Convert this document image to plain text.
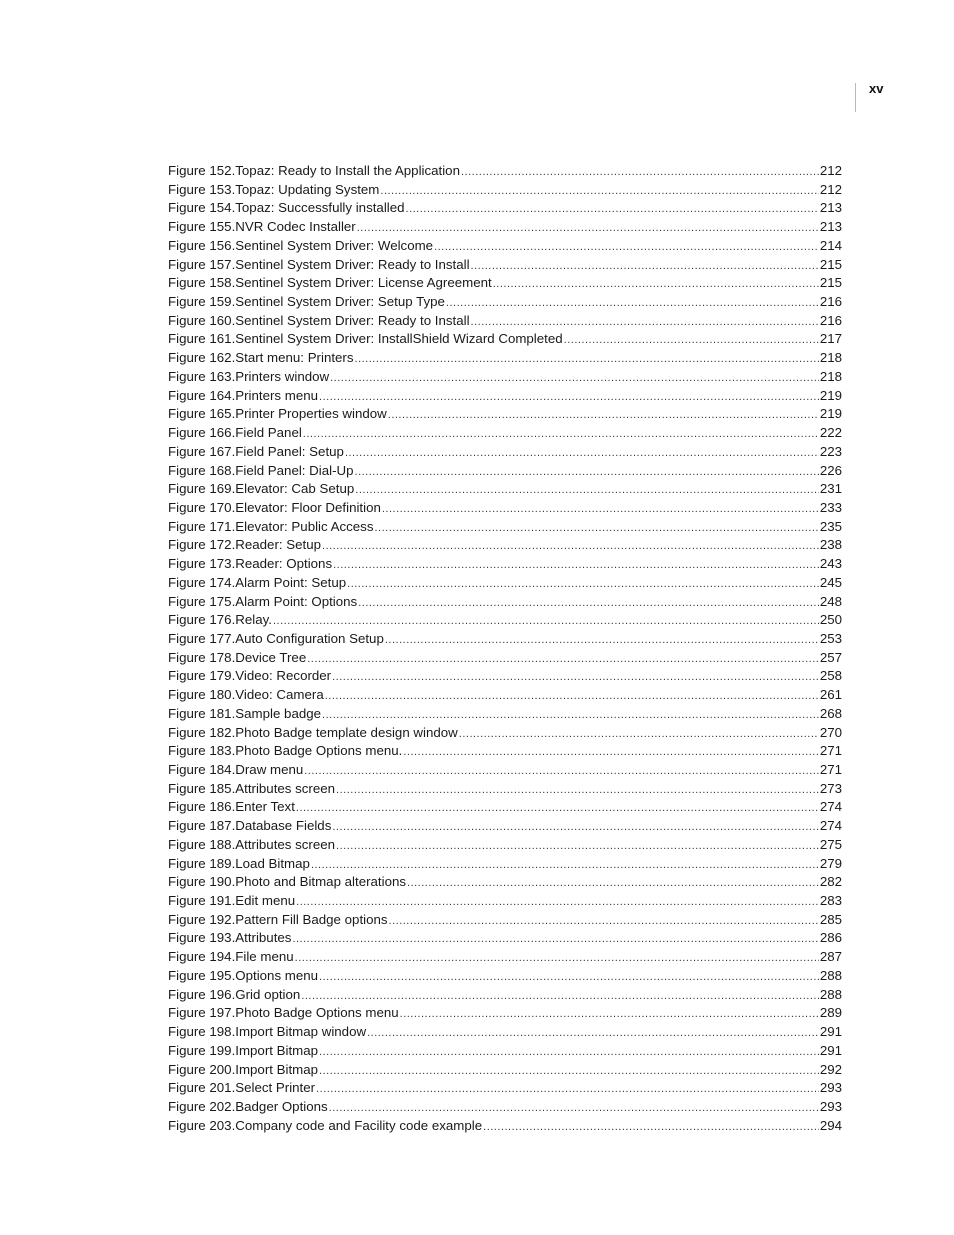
xv
Figure 152.Topaz: Ready to Install the Application .....	212
Figure 153.Topaz: Updating System .....	212
Figure 154.Topaz: Successfully installed .....	213
Figure 155.NVR Codec Installer .....	213
Figure 156.Sentinel System Driver: Welcome .....	214
Figure 157.Sentinel System Driver: Ready to Install .....	215
Figure 158.Sentinel System Driver: License Agreement .....	215
Figure 159.Sentinel System Driver: Setup Type .....	216
Figure 160.Sentinel System Driver: Ready to Install .....	216
Figure 161.Sentinel System Driver: InstallShield Wizard Completed .....	217
Figure 162.Start menu: Printers .....	218
Figure 163.Printers window .....	218
Figure 164.Printers menu .....	219
Figure 165.Printer Properties window .....	219
Figure 166.Field Panel .....	222
Figure 167.Field Panel: Setup .....	223
Figure 168.Field Panel: Dial-Up .....	226
Figure 169.Elevator: Cab Setup .....	231
Figure 170.Elevator: Floor Definition .....	233
Figure 171.Elevator: Public Access .....	235
Figure 172.Reader: Setup .....	238
Figure 173.Reader: Options .....	243
Figure 174.Alarm Point: Setup .....	245
Figure 175.Alarm Point: Options .....	248
Figure 176.Relay. .....	250
Figure 177.Auto Configuration Setup .....	253
Figure 178.Device Tree .....	257
Figure 179.Video: Recorder .....	258
Figure 180.Video: Camera .....	261
Figure 181.Sample badge .....	268
Figure 182.Photo Badge template design window .....	270
Figure 183.Photo Badge Options menu. .....	271
Figure 184.Draw menu .....	271
Figure 185.Attributes screen .....	273
Figure 186.Enter Text .....	274
Figure 187.Database Fields .....	274
Figure 188.Attributes screen .....	275
Figure 189.Load Bitmap .....	279
Figure 190.Photo and Bitmap alterations .....	282
Figure 191.Edit menu .....	283
Figure 192.Pattern Fill Badge options .....	285
Figure 193.Attributes .....	286
Figure 194.File menu .....	287
Figure 195.Options menu .....	288
Figure 196.Grid option .....	288
Figure 197.Photo Badge Options menu .....	289
Figure 198.Import Bitmap window .....	291
Figure 199.Import Bitmap .....	291
Figure 200.Import Bitmap .....	292
Figure 201.Select Printer .....	293
Figure 202.Badger Options .....	293
Figure 203.Company code and Facility code example .....	294
